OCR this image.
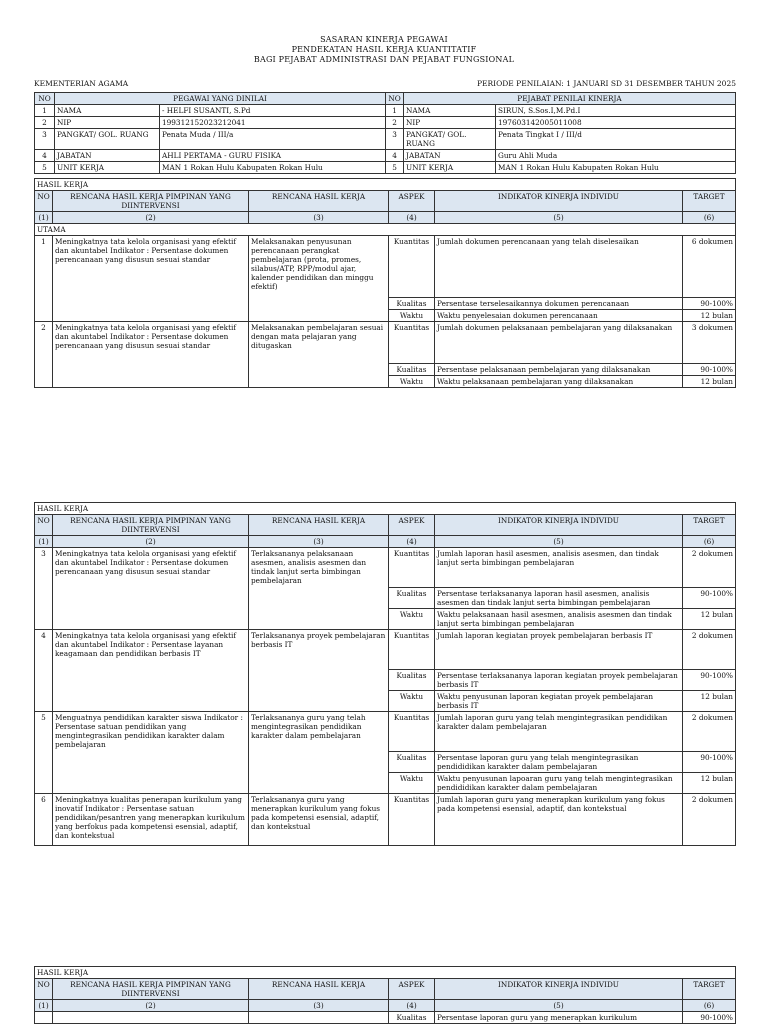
SASARAN KINERJA PEGAWAI
PENDEKATAN HASIL KERJA KUANTITATIF
BAGI PEJABAT ADMINISTRASI DAN PEJABAT FUNGSIONAL
KEMENTERIAN AGAMA	PERIODE PENILAIAN: 1 JANUARI SD 31 DESEMBER TAHUN 2025
NO	PEGAWAI YANG DINILAI		NO	PEJABAT PENILAI KINERJA	
1	NAMA	- HELFI SUSANTI, S.Pd	1	NAMA	SIRUN, S.Sos.I,M.Pd.I
2	NIP	199312152023212041	2	NIP	197603142005011008
3	PANGKAT/ GOL. RUANG	Penata Muda / III/a	3	PANGKAT/ GOL. RUANG	Penata Tingkat I / III/d
4	JABATAN	AHLI PERTAMA - GURU FISIKA	4	JABATAN	Guru Ahli Muda
5	UNIT KERJA	MAN 1 Rokan Hulu Kabupaten Rokan Hulu	5	UNIT KERJA	MAN 1 Rokan Hulu Kabupaten Rokan Hulu
HASIL KERJA					
NO	RENCANA HASIL KERJA PIMPINAN YANG DIINTERVENSI	RENCANA HASIL KERJA	ASPEK	INDIKATOR KINERJA INDIVIDU	TARGET
(1)	(2)	(3)	(4)	(5)	(6)
UTAMA					
1	Meningkatnya tata kelola organisasi yang efektif dan akuntabel Indikator : Persentase dokumen perencanaan yang disusun sesuai standar	Melaksanakan penyusunan perencanaan perangkat pembelajaran (prota, promes, silabus/ATP, RPP/modul ajar, kalender pendidikan dan minggu efektif)	Kuantitas	Jumlah dokumen perencanaan yang telah diselesaikan	6 dokumen
			Kualitas	Persentase terselesaikannya dokumen perencanaan	90-100%
			Waktu	Waktu penyelesaian dokumen perencanaan	12 bulan
2	Meningkatnya tata kelola organisasi yang efektif dan akuntabel Indikator : Persentase dokumen perencanaan yang disusun sesuai standar	Melaksanakan pembelajaran sesuai dengan mata pelajaran yang ditugaskan	Kuantitas	Jumlah dokumen pelaksanaan pembelajaran yang dilaksanakan	3 dokumen
			Kualitas	Persentase pelaksanaan pembelajaran yang dilaksanakan	90-100%
			Waktu	Waktu pelaksanaan pembelajaran yang dilaksanakan	12 bulan
HASIL KERJA					
NO	RENCANA HASIL KERJA PIMPINAN YANG DIINTERVENSI	RENCANA HASIL KERJA	ASPEK	INDIKATOR KINERJA INDIVIDU	TARGET
(1)	(2)	(3)	(4)	(5)	(6)
3	Meningkatnya tata kelola organisasi yang efektif dan akuntabel Indikator : Persentase dokumen perencanaan yang disusun sesuai standar	Terlaksananya pelaksanaan asesmen, analisis asesmen dan tindak lanjut serta bimbingan pembelajaran	Kuantitas	Jumlah laporan hasil asesmen, analisis asesmen, dan tindak lanjut serta bimbingan pembelajaran	2 dokumen
			Kualitas	Persentase terlaksananya laporan hasil asesmen, analisis asesmen dan tindak lanjut serta bimbingan pembelajaran	90-100%
			Waktu	Waktu pelaksanaan hasil asesmen, analisis asesmen dan tindak lanjut serta bimbingan pembelajaran	12 bulan
4	Meningkatnya tata kelola organisasi yang efektif dan akuntabel Indikator : Persentase layanan keagamaan dan pendidikan berbasis IT	Terlaksananya proyek pembelajaran berbasis IT	Kuantitas	Jumlah laporan kegiatan proyek pembelajaran berbasis IT	2 dokumen
			Kualitas	Persentase terlaksananya laporan kegiatan proyek pembelajaran berbasis IT	90-100%
			Waktu	Waktu penyusunan laporan kegiatan proyek pembelajaran berbasis IT	12 bulan
5	Menguatnya pendidikan karakter siswa Indikator : Persentase satuan pendidikan yang mengintegrasikan pendidikan karakter dalam pembelajaran	Terlaksananya guru yang telah mengintegrasikan pendidikan karakter dalam pembelajaran	Kuantitas	Jumlah laporan guru yang telah mengintegrasikan pendidikan karakter dalam pembelajaran	2 dokumen
			Kualitas	Persentase laporan guru yang telah mengintegrasikan pendididikan karakter dalam pembelajaran	90-100%
			Waktu	Waktu penyusunan lapoaran guru yang telah mengintegrasikan pendididikan karakter dalam pembelajaran	12 bulan
6	Meningkatnya kualitas penerapan kurikulum yang inovatif Indikator : Persentase satuan pendidikan/pesantren yang menerapkan kurikulum yang berfokus pada kompetensi esensial, adaptif, dan kontekstual	Terlaksananya guru yang menerapkan kurikulum yang fokus pada kompetensi esensial, adaptif, dan kontekstual	Kuantitas	Jumlah laporan guru yang menerapkan kurikulum yang fokus pada kompetensi esensial, adaptif, dan kontekstual	2 dokumen
HASIL KERJA					
NO	RENCANA HASIL KERJA PIMPINAN YANG DIINTERVENSI	RENCANA HASIL KERJA	ASPEK	INDIKATOR KINERJA INDIVIDU	TARGET
(1)	(2)	(3)	(4)	(5)	(6)
			Kualitas	Persentase laporan guru yang menerapkan kurikulum	90-100%
